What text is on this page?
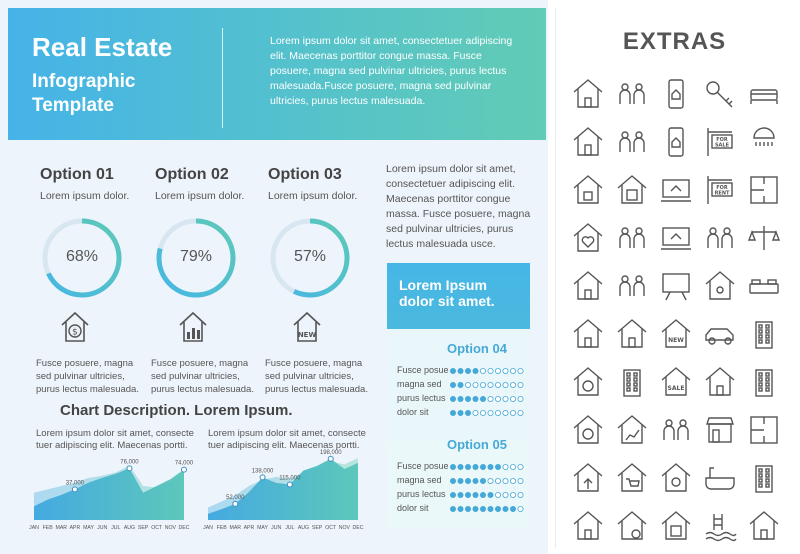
Real Estate
Infographic
Template
Lorem ipsum dolor sit amet, consectetuer adipiscing elit. Maecenas porttitor congue massa. Fusce posuere, magna sed pulvinar ultricies, purus lectus malesuada.Fusce posuere, magna sed pulvinar ultricies, purus lectus malesuada.
Option 01
Lorem ipsum dolor.
Option 02
Lorem ipsum dolor.
Option 03
Lorem ipsum dolor.
68%	79%	57%
$	NEW
Fusce posuere, magna sed pulvinar ultricies, purus lectus malesuada.
Fusce posuere, magna sed pulvinar ultricies, purus lectus malesuada.
Fusce posuere, magna sed pulvinar ultricies, purus lectus malesuada.
Lorem ipsum dolor sit amet, consectetuer adipiscing elit. Maecenas porttitor congue massa. Fusce posuere, magna sed pulvinar ultricies, purus lectus malesuada usce.
Lorem Ipsum dolor sit amet.
Option 04
Option 05
Fusce posue
magna sed
purus lectus
dolor sit
Fusce posue
magna sed
purus lectus
dolor sit
Chart Description. Lorem Ipsum.
Lorem ipsum dolor sit amet, consecte tuer adipiscing elit. Maecenas portti.
Lorem ipsum dolor sit amet, consecte tuer adipiscing elit. Maecenas portti.
37,000
76,000	74,000
JAN FEB MAR APR MAY JUN JUL AUG SEP OCT NOV DEC
52,000
138,000
115,000
198,000
JAN FEB MAR APR MAY JUN JUL AUG SEP OCT NOV DEC
EXTRAS
FOR
SALE
FOR
RENT
NEW
SALE
